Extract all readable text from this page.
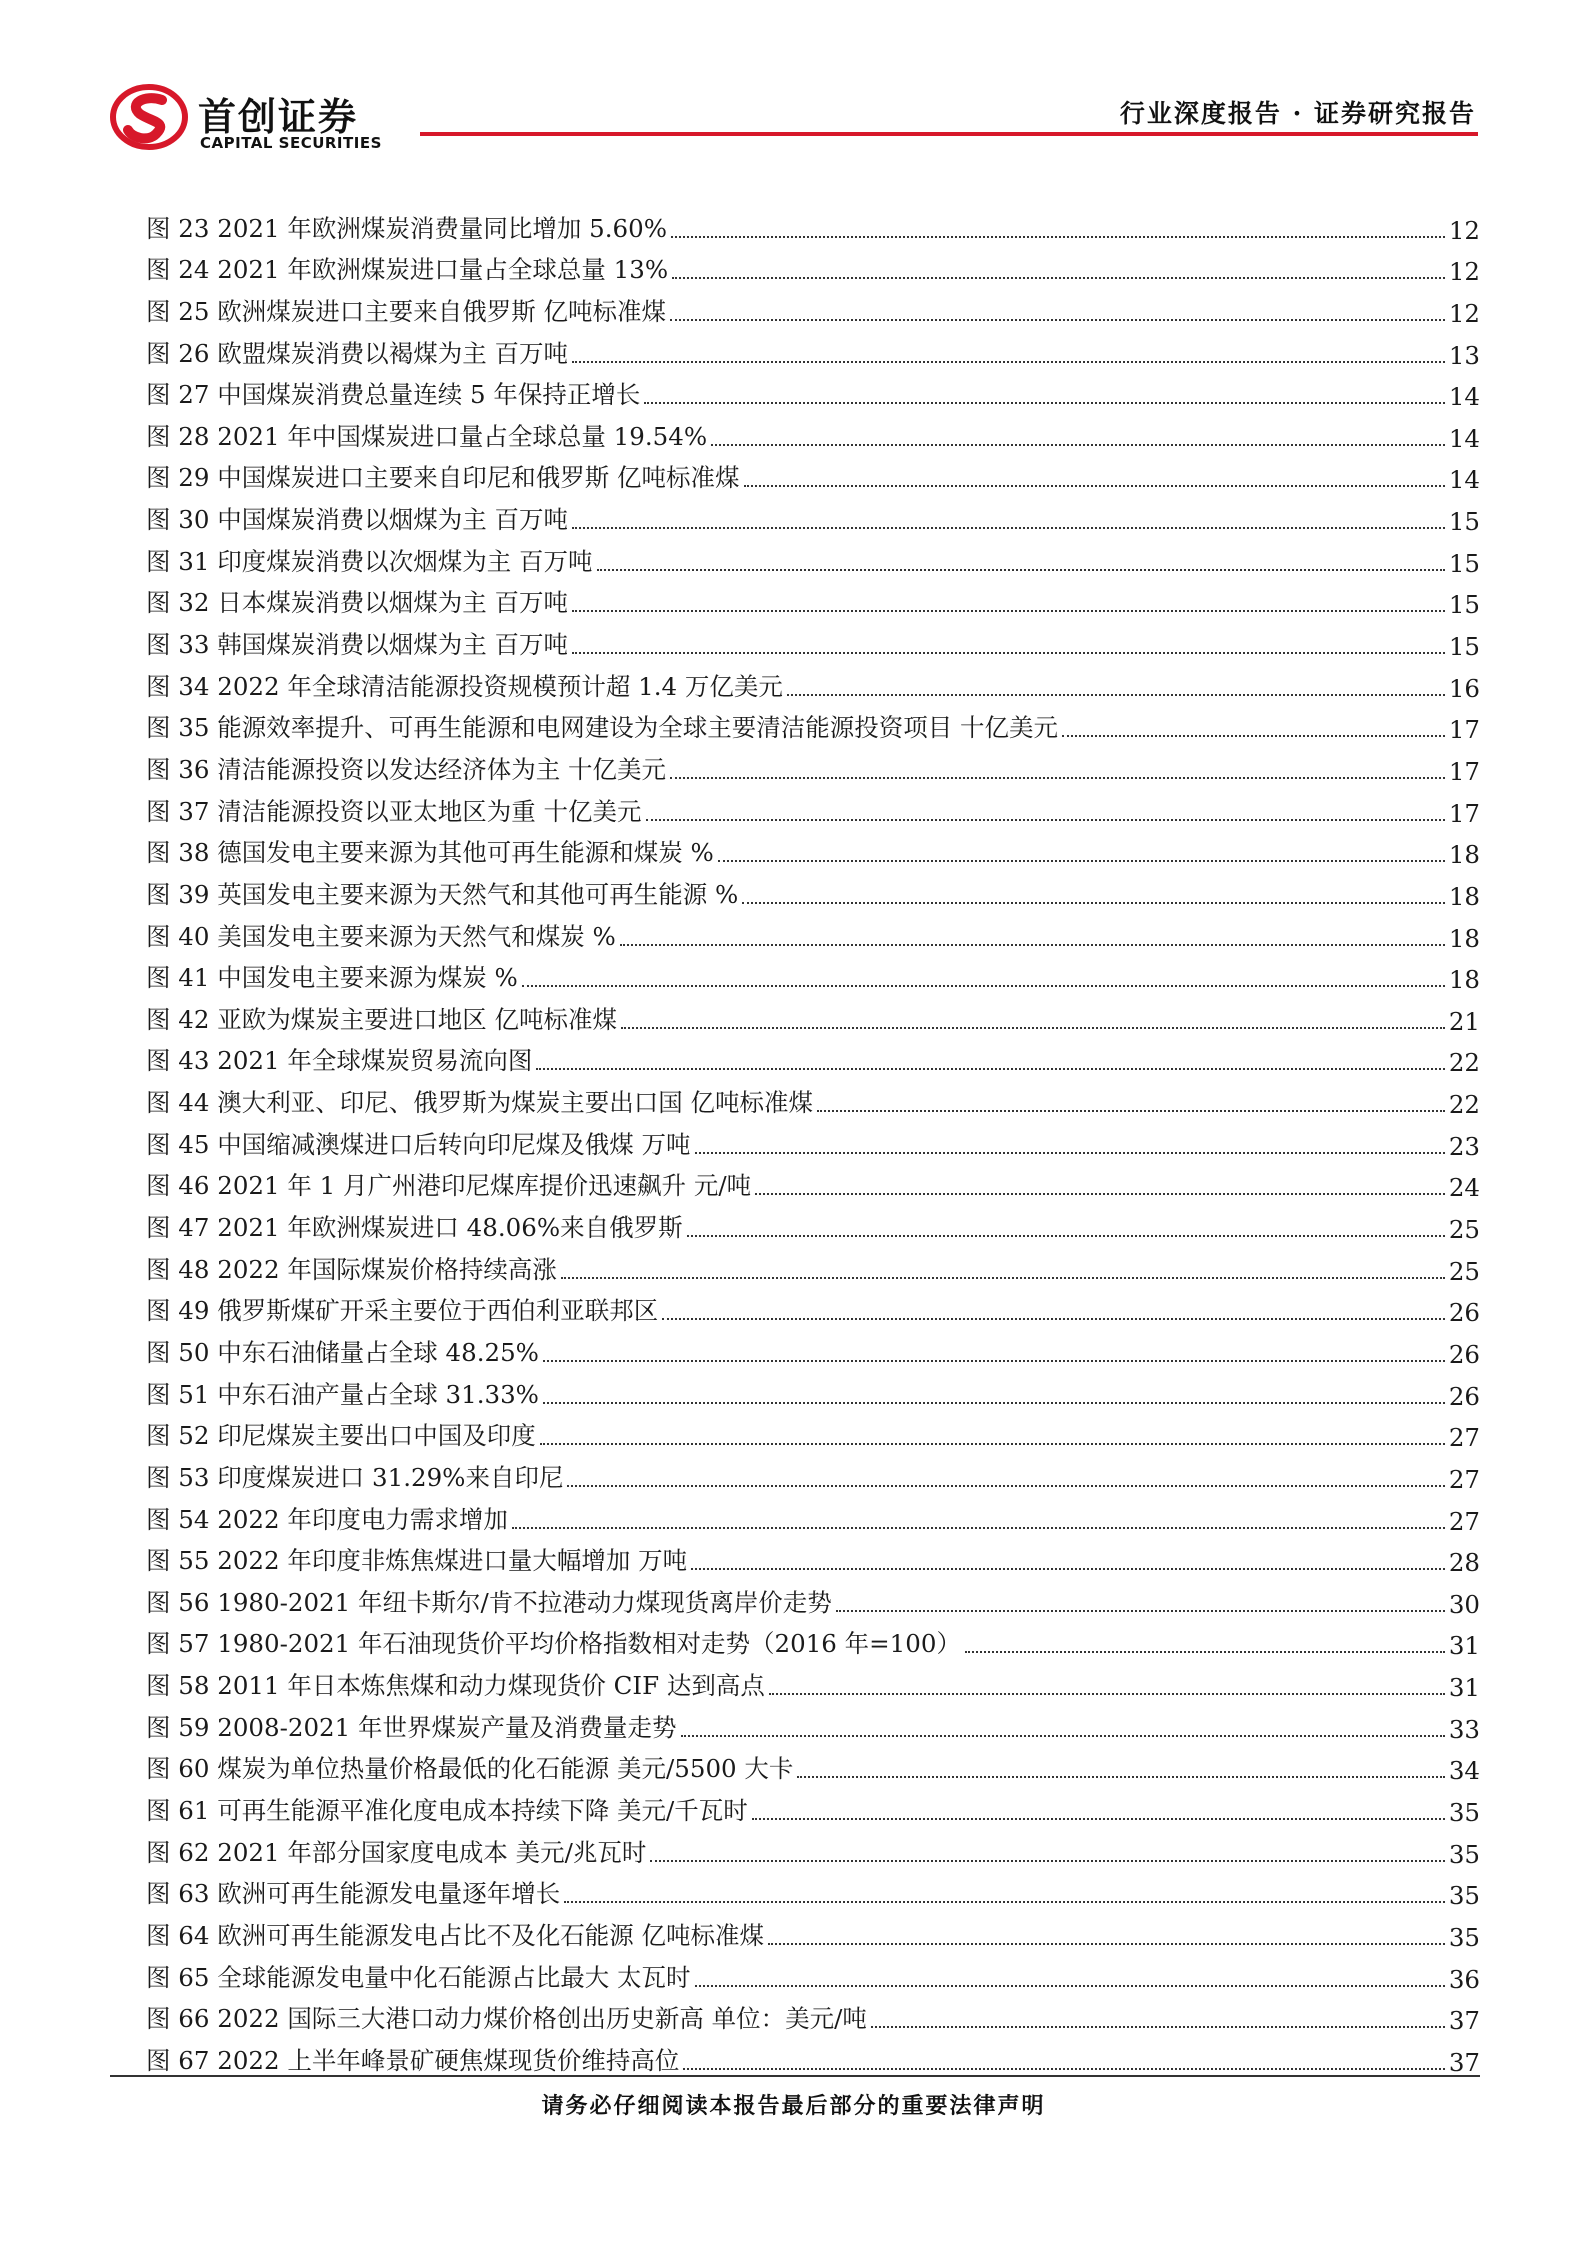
首创证券
CAPITAL SECURITIES
行业深度报告 · 证券研究报告
图 23 2021 年欧洲煤炭消费量同比增加 5.60%	12
图 24 2021 年欧洲煤炭进口量占全球总量 13%	12
图 25 欧洲煤炭进口主要来自俄罗斯 亿吨标准煤	12
图 26 欧盟煤炭消费以褐煤为主 百万吨	13
图 27 中国煤炭消费总量连续 5 年保持正增长	14
图 28 2021 年中国煤炭进口量占全球总量 19.54%	14
图 29 中国煤炭进口主要来自印尼和俄罗斯 亿吨标准煤	14
图 30 中国煤炭消费以烟煤为主 百万吨	15
图 31 印度煤炭消费以次烟煤为主 百万吨	15
图 32 日本煤炭消费以烟煤为主 百万吨	15
图 33 韩国煤炭消费以烟煤为主 百万吨	15
图 34 2022 年全球清洁能源投资规模预计超 1.4 万亿美元	16
图 35 能源效率提升、可再生能源和电网建设为全球主要清洁能源投资项目 十亿美元	17
图 36 清洁能源投资以发达经济体为主 十亿美元	17
图 37 清洁能源投资以亚太地区为重 十亿美元	17
图 38 德国发电主要来源为其他可再生能源和煤炭 %	18
图 39 英国发电主要来源为天然气和其他可再生能源 %	18
图 40 美国发电主要来源为天然气和煤炭 %	18
图 41 中国发电主要来源为煤炭 %	18
图 42 亚欧为煤炭主要进口地区 亿吨标准煤	21
图 43 2021 年全球煤炭贸易流向图	22
图 44 澳大利亚、印尼、俄罗斯为煤炭主要出口国 亿吨标准煤	22
图 45 中国缩减澳煤进口后转向印尼煤及俄煤 万吨	23
图 46 2021 年 1 月广州港印尼煤库提价迅速飙升 元/吨	24
图 47 2021 年欧洲煤炭进口 48.06%来自俄罗斯	25
图 48 2022 年国际煤炭价格持续高涨	25
图 49 俄罗斯煤矿开采主要位于西伯利亚联邦区	26
图 50 中东石油储量占全球 48.25%	26
图 51 中东石油产量占全球 31.33%	26
图 52 印尼煤炭主要出口中国及印度	27
图 53 印度煤炭进口 31.29%来自印尼	27
图 54 2022 年印度电力需求增加	27
图 55 2022 年印度非炼焦煤进口量大幅增加 万吨	28
图 56 1980-2021 年纽卡斯尔/肯不拉港动力煤现货离岸价走势	30
图 57 1980-2021 年石油现货价平均价格指数相对走势（2016 年=100）	31
图 58 2011 年日本炼焦煤和动力煤现货价 CIF 达到高点	31
图 59 2008-2021 年世界煤炭产量及消费量走势	33
图 60 煤炭为单位热量价格最低的化石能源 美元/5500 大卡	34
图 61 可再生能源平准化度电成本持续下降 美元/千瓦时	35
图 62 2021 年部分国家度电成本 美元/兆瓦时	35
图 63 欧洲可再生能源发电量逐年增长	35
图 64 欧洲可再生能源发电占比不及化石能源 亿吨标准煤	35
图 65 全球能源发电量中化石能源占比最大 太瓦时	36
图 66 2022 国际三大港口动力煤价格创出历史新高 单位：美元/吨	37
图 67 2022 上半年峰景矿硬焦煤现货价维持高位	37
请务必仔细阅读本报告最后部分的重要法律声明
